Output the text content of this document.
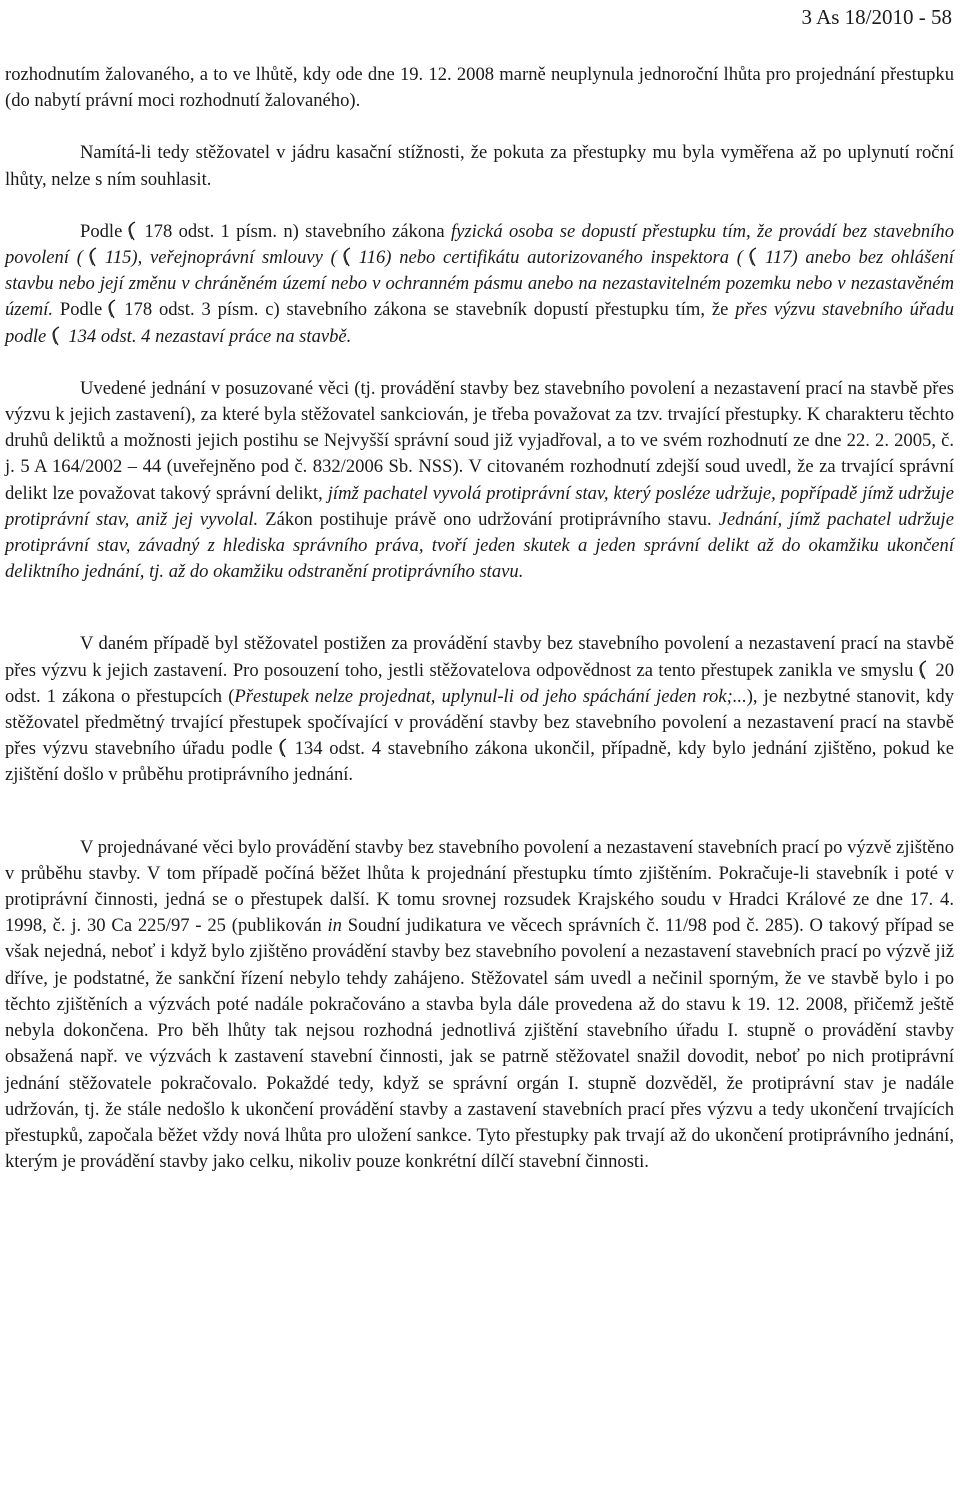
3 As 18/2010 - 58

rozhodnutím žalovaného, a to ve lhůtě, kdy ode dne 19. 12. 2008 marně neuplynula jednoroční lhůta pro projednání přestupku (do nabytí právní moci rozhodnutí žalovaného).

Namítá-li tedy stěžovatel v jádru kasační stížnosti, že pokuta za přestupky mu byla vyměřena až po uplynutí roční lhůty, nelze s ním souhlasit.

Podle 178 odst. 1 písm. n) stavebního zákona fyzická osoba se dopustí přestupku tím, že provádí bez stavebního povolení ( 115), veřejnoprávní smlouvy ( 116) nebo certifikátu autorizovaného inspektora ( 117) anebo bez ohlášení stavbu nebo její změnu v chráněném území nebo v ochranném pásmu anebo na nezastavitelném pozemku nebo v nezastavěném území. Podle 178 odst. 3 písm. c) stavebního zákona se stavebník dopustí přestupku tím, že přes výzvu stavebního úřadu podle 134 odst. 4 nezastaví práce na stavbě.

Uvedené jednání v posuzované věci (tj. provádění stavby bez stavebního povolení a nezastavení prací na stavbě přes výzvu k jejich zastavení), za které byla stěžovatel sankciován, je třeba považovat za tzv. trvající přestupky. K charakteru těchto druhů deliktů a možnosti jejich postihu se Nejvyšší správní soud již vyjadřoval, a to ve svém rozhodnutí ze dne 22. 2. 2005, č. j. 5 A 164/2002 – 44 (uveřejněno pod č. 832/2006 Sb. NSS). V citovaném rozhodnutí zdejší soud uvedl, že za trvající správní delikt lze považovat takový správní delikt, jímž pachatel vyvolá protiprávní stav, který posléze udržuje, popřípadě jímž udržuje protiprávní stav, aniž jej vyvolal. Zákon postihuje právě ono udržování protiprávního stavu. Jednání, jímž pachatel udržuje protiprávní stav, závadný z hlediska správního práva, tvoří jeden skutek a jeden správní delikt až do okamžiku ukončení deliktního jednání, tj. až do okamžiku odstranění protiprávního stavu.

V daném případě byl stěžovatel postižen za provádění stavby bez stavebního povolení a nezastavení prací na stavbě přes výzvu k jejich zastavení. Pro posouzení toho, jestli stěžovatelova odpovědnost za tento přestupek zanikla ve smyslu 20 odst. 1 zákona o přestupcích (Přestupek nelze projednat, uplynul-li od jeho spáchání jeden rok;...), je nezbytné stanovit, kdy stěžovatel předmětný trvající přestupek spočívající v provádění stavby bez stavebního povolení a nezastavení prací na stavbě přes výzvu stavebního úřadu podle 134 odst. 4 stavebního zákona ukončil, případně, kdy bylo jednání zjištěno, pokud ke zjištění došlo v průběhu protiprávního jednání.

V projednávané věci bylo provádění stavby bez stavebního povolení a nezastavení stavebních prací po výzvě zjištěno v průběhu stavby. V tom případě počíná běžet lhůta k projednání přestupku tímto zjištěním. Pokračuje-li stavebník i poté v protiprávní činnosti, jedná se o přestupek další. K tomu srovnej rozsudek Krajského soudu v Hradci Králové ze dne 17. 4. 1998, č. j. 30 Ca 225/97 - 25 (publikován in Soudní judikatura ve věcech správních č. 11/98 pod č. 285). O takový případ se však nejedná, neboť i když bylo zjištěno provádění stavby bez stavebního povolení a nezastavení stavebních prací po výzvě již dříve, je podstatné, že sankční řízení nebylo tehdy zahájeno. Stěžovatel sám uvedl a nečinil sporným, že ve stavbě bylo i po těchto zjištěních a výzvách poté nadále pokračováno a stavba byla dále provedena až do stavu k 19. 12. 2008, přičemž ještě nebyla dokončena. Pro běh lhůty tak nejsou rozhodná jednotlivá zjištění stavebního úřadu I. stupně o provádění stavby obsažená např. ve výzvách k zastavení stavební činnosti, jak se patrně stěžovatel snažil dovodit, neboť po nich protiprávní jednání stěžovatele pokračovalo. Pokaždé tedy, když se správní orgán I. stupně dozvěděl, že protiprávní stav je nadále udržován, tj. že stále nedošlo k ukončení provádění stavby a zastavení stavebních prací přes výzvu a tedy ukončení trvajících přestupků, započala běžet vždy nová lhůta pro uložení sankce. Tyto přestupky pak trvají až do ukončení protiprávního jednání, kterým je provádění stavby jako celku, nikoliv pouze konkrétní dílčí stavební činnosti.
